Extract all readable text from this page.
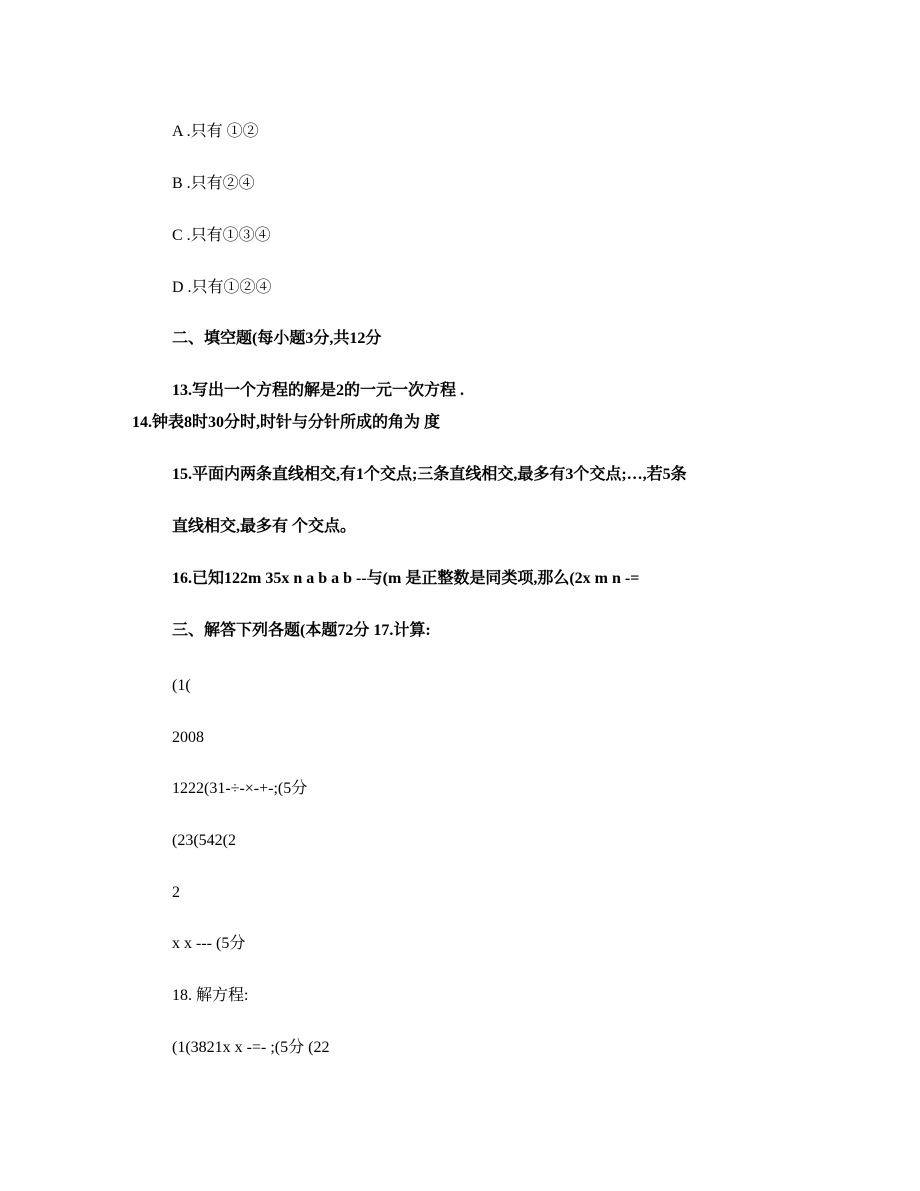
A .只有 ①②
B .只有②④
C .只有①③④
D .只有①②④
二、填空题(每小题3分,共12分
13.写出一个方程的解是2的一元一次方程 .
14.钟表8时30分时,时针与分针所成的角为 度
15.平面内两条直线相交,有1个交点;三条直线相交,最多有3个交点;…,若5条
直线相交,最多有 个交点。
16.已知122m 35x n a b a b --与(m 是正整数是同类项,那么(2x m n -=
三、解答下列各题(本题72分 17.计算:
(1(
2008
1222(31-÷-×-+-;(5分
(23(542(2
2
x x --- (5分
18. 解方程:
(1(3821x x -=- ;(5分 (22
